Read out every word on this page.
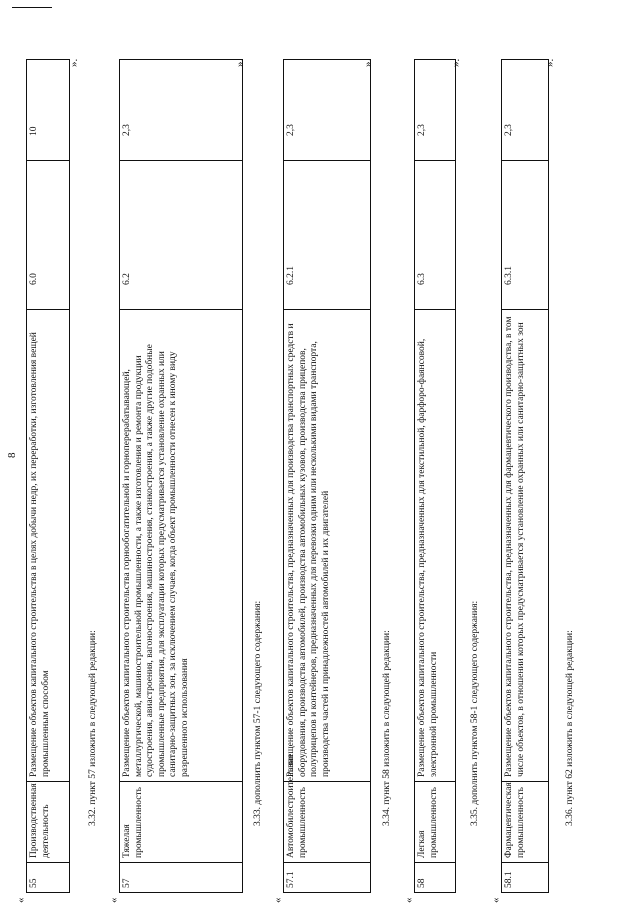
8
«
55	Производственная деятельность	Размещение объектов капитального строительства в целях добычи недр, их переработки, изготовления вещей промышленным способом	6.0	10
».
3.32. пункт 57 изложить в следующей редакции:
«
57	Тяжелая промышленность	Размещение объектов капитального строительства горнообогатительной и горноперерабатывающей, металлургической, машиностроительной промышленности, а также изготовления и ремонта продукции судостроения, авиастроения, вагоностроения, машиностроения, станкостроения, а также другие подобные промышленные предприятия, для эксплуатации которых предусматривается установление охранных или санитарно-защитных зон, за исключением случаев, когда объект промышленности отнесен к иному виду разрешенного использования	6.2	2,3
».
3.33. дополнить пунктом 57-1 следующего содержания:
«
57.1	Автомобилестроительная промышленность	Размещение объектов капитального строительства, предназначенных для производства транспортных средств и оборудования, производства автомобилей, производства автомобильных кузовов, производства прицепов, полуприцепов и контейнеров, предназначенных для перевозки одним или несколькими видами транспорта, производства частей и принадлежностей автомобилей и их двигателей	6.2.1	2,3
».
3.34. пункт 58 изложить в следующей редакции:
«
58	Легкая промышленность	Размещение объектов капитального строительства, предназначенных для текстильной, фарфоро-фаянсовой, электронной промышленности	6.3	2,3
».
3.35. дополнить пунктом 58-1 следующего содержания:
«
58.1	Фармацевтическая промышленность	Размещение объектов капитального строительства, предназначенных для фармацевтического производства, в том числе объектов, в отношении которых предусматривается установление охранных или санитарно-защитных зон	6.3.1	2,3
».
3.36. пункт 62 изложить в следующей редакции:
